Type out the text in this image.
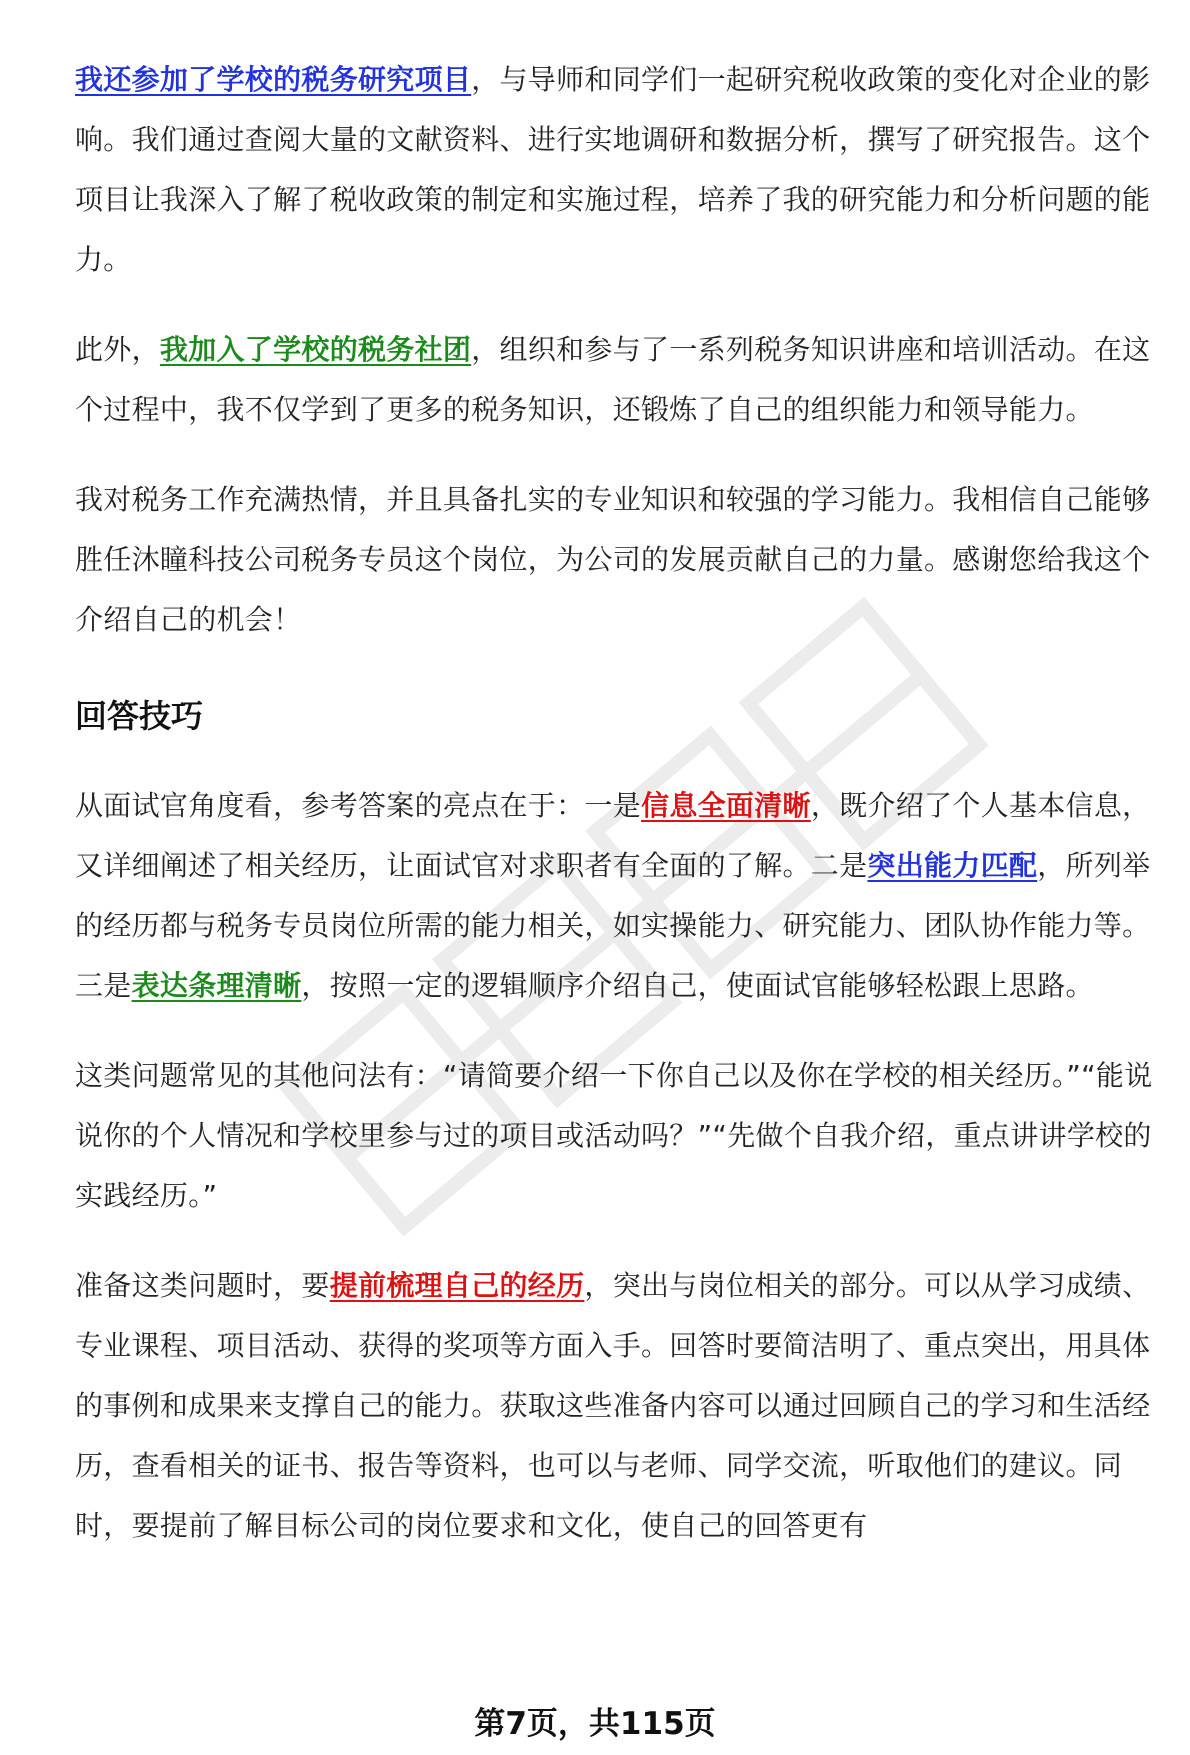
我还参加了学校的税务研究项目，与导师和同学们一起研究税收政策的变化对企业的影响。我们通过查阅大量的文献资料、进行实地调研和数据分析，撰写了研究报告。这个项目让我深入了解了税收政策的制定和实施过程，培养了我的研究能力和分析问题的能力。

此外，我加入了学校的税务社团，组织和参与了一系列税务知识讲座和培训活动。在这个过程中，我不仅学到了更多的税务知识，还锻炼了自己的组织能力和领导能力。

我对税务工作充满热情，并且具备扎实的专业知识和较强的学习能力。我相信自己能够胜任沐瞳科技公司税务专员这个岗位，为公司的发展贡献自己的力量。感谢您给我这个介绍自己的机会！

回答技巧

从面试官角度看，参考答案的亮点在于：一是信息全面清晰，既介绍了个人基本信息，又详细阐述了相关经历，让面试官对求职者有全面的了解。二是突出能力匹配，所列举的经历都与税务专员岗位所需的能力相关，如实操能力、研究能力、团队协作能力等。三是表达条理清晰，按照一定的逻辑顺序介绍自己，使面试官能够轻松跟上思路。

这类问题常见的其他问法有：“请简要介绍一下你自己以及你在学校的相关经历。”“能说说你的个人情况和学校里参与过的项目或活动吗？”“先做个自我介绍，重点讲讲学校的实践经历。”

准备这类问题时，要提前梳理自己的经历，突出与岗位相关的部分。可以从学习成绩、专业课程、项目活动、获得的奖项等方面入手。回答时要简洁明了、重点突出，用具体的事例和成果来支撑自己的能力。获取这些准备内容可以通过回顾自己的学习和生活经历，查看相关的证书、报告等资料，也可以与老师、同学交流，听取他们的建议。同时，要提前了解目标公司的岗位要求和文化，使自己的回答更有

第7页，共115页
